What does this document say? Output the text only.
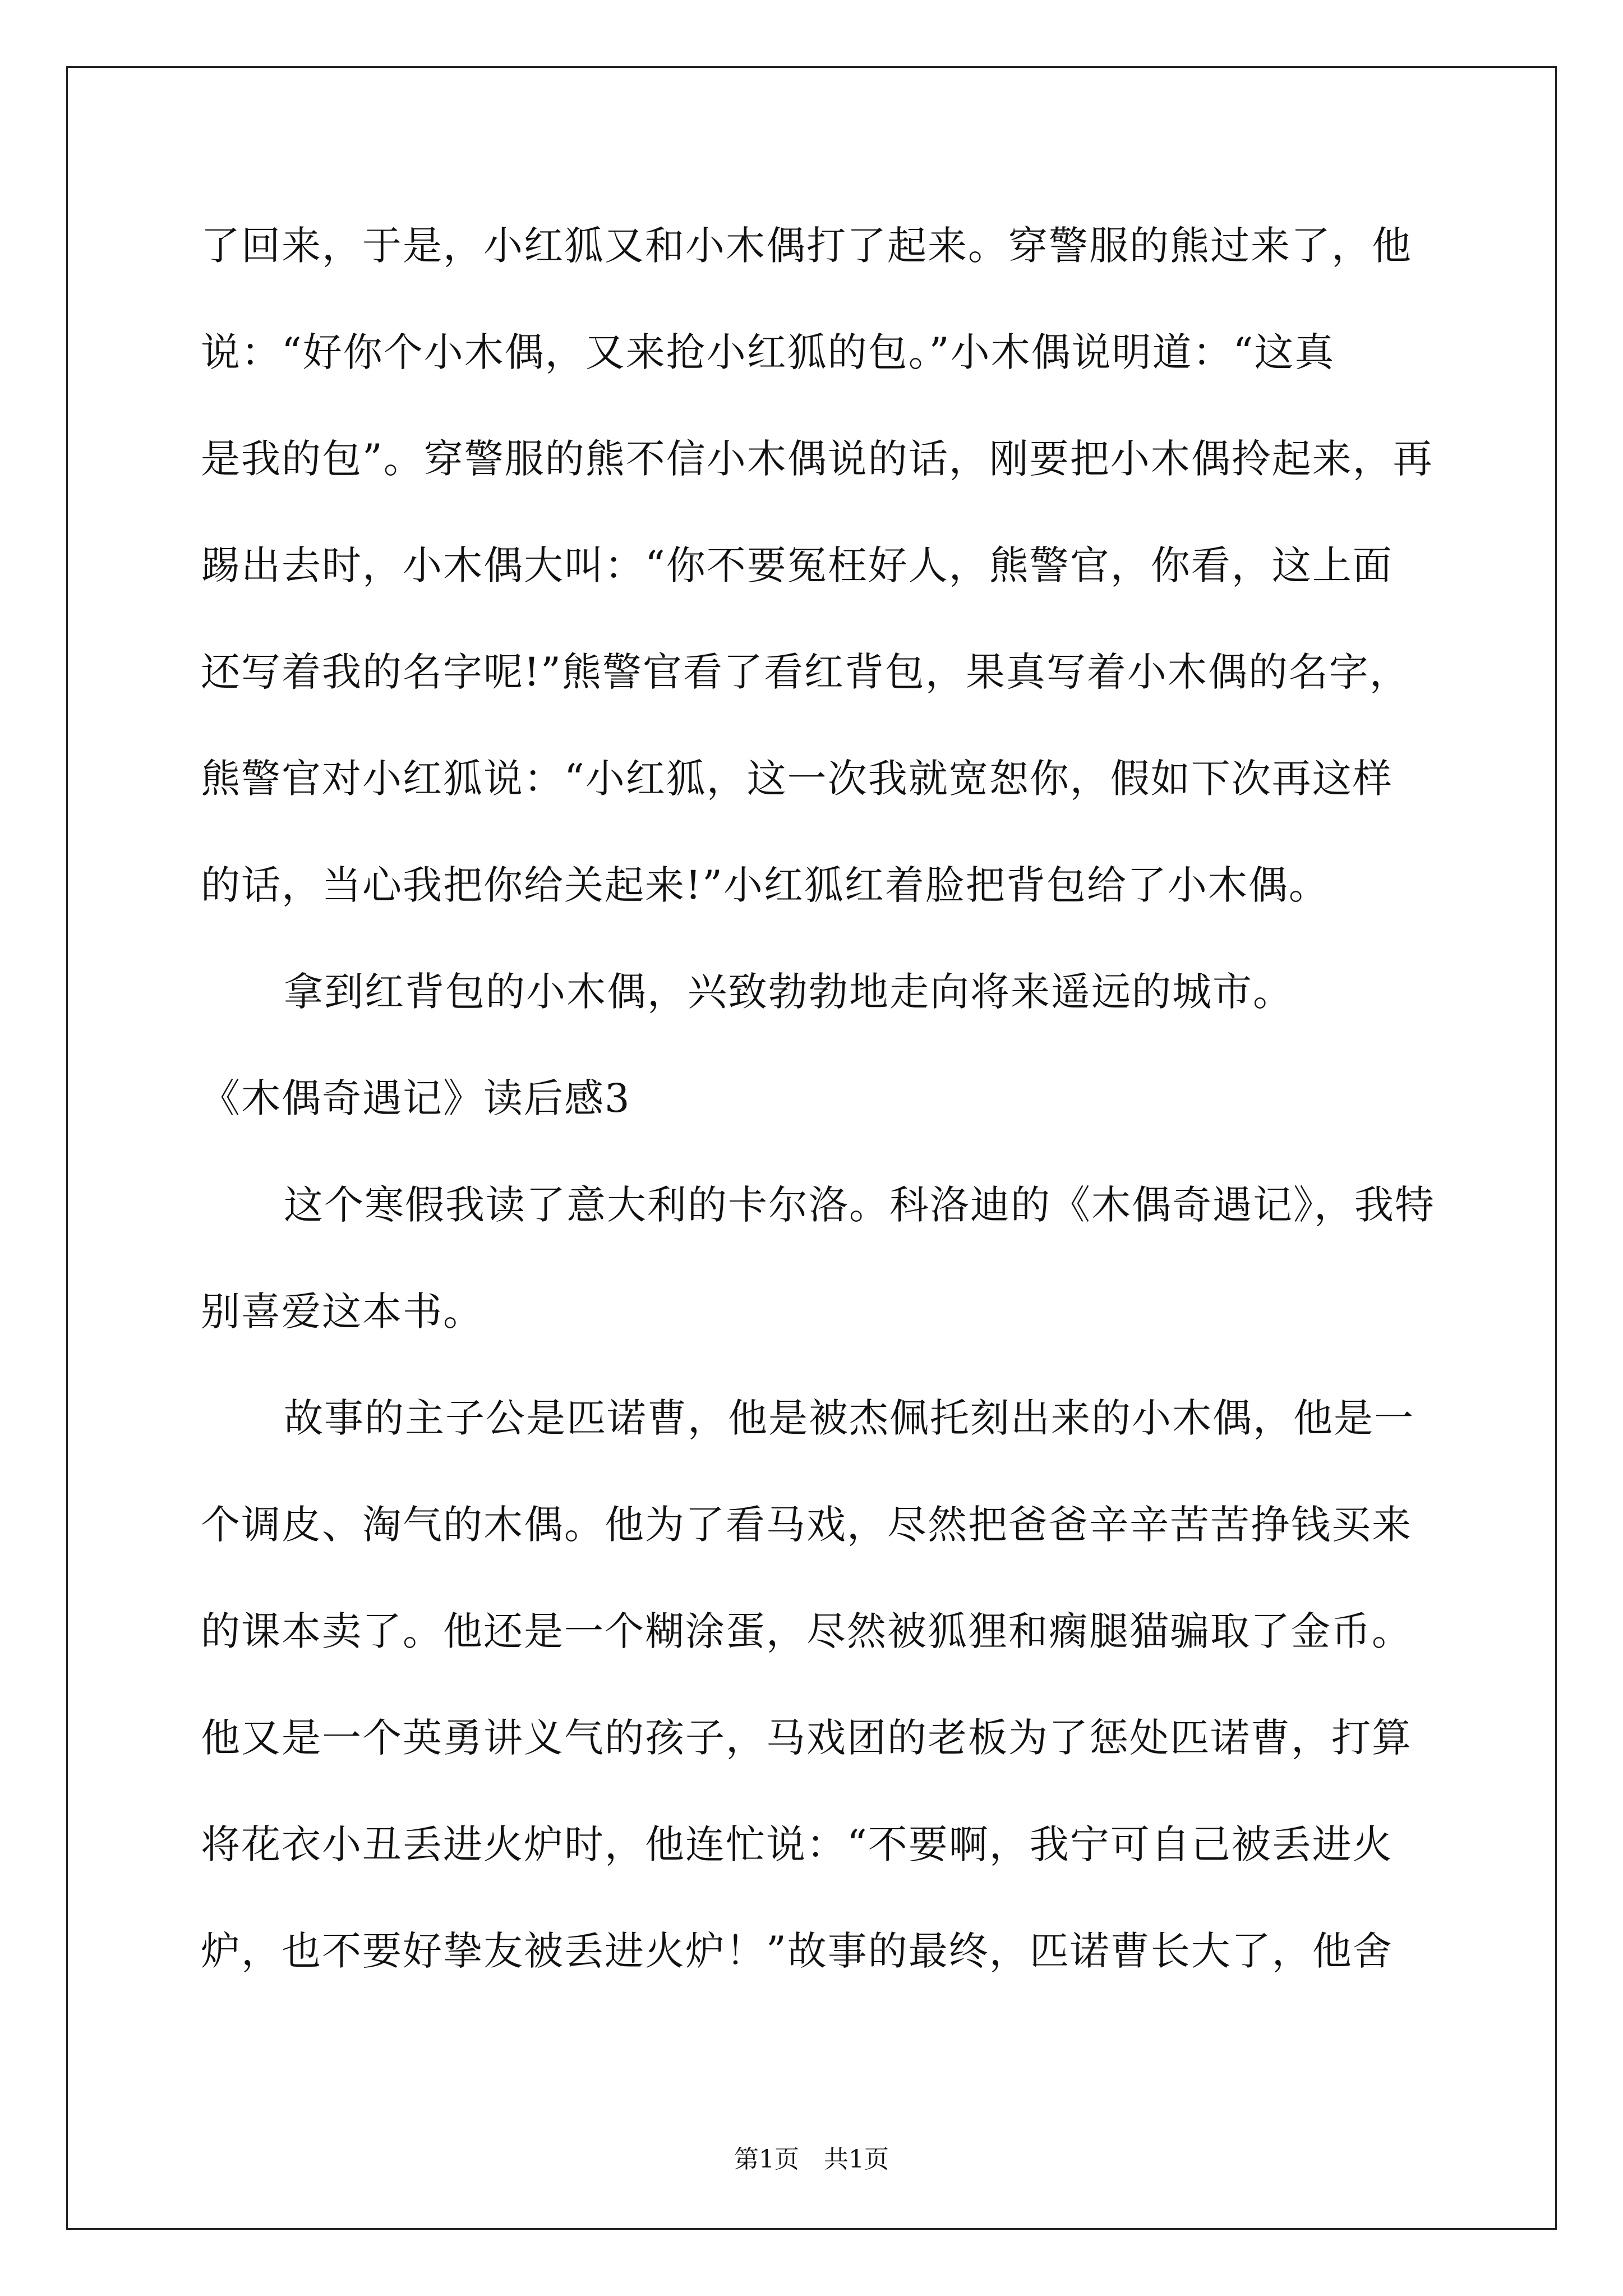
了回来，于是，小红狐又和小木偶打了起来。穿警服的熊过来了，他
说：“好你个小木偶，又来抢小红狐的包。”小木偶说明道：“这真
是我的包”。穿警服的熊不信小木偶说的话，刚要把小木偶拎起来，再
踢出去时，小木偶大叫：“你不要冤枉好人，熊警官，你看，这上面
还写着我的名字呢!”熊警官看了看红背包，果真写着小木偶的名字，
熊警官对小红狐说：“小红狐，这一次我就宽恕你，假如下次再这样
的话，当心我把你给关起来!”小红狐红着脸把背包给了小木偶。
拿到红背包的小木偶，兴致勃勃地走向将来遥远的城市。
《木偶奇遇记》读后感3
这个寒假我读了意大利的卡尔洛。科洛迪的《木偶奇遇记》，我特
别喜爱这本书。
故事的主子公是匹诺曹，他是被杰佩托刻出来的小木偶，他是一
个调皮、淘气的木偶。他为了看马戏，尽然把爸爸辛辛苦苦挣钱买来
的课本卖了。他还是一个糊涂蛋，尽然被狐狸和瘸腿猫骗取了金币。
他又是一个英勇讲义气的孩子，马戏团的老板为了惩处匹诺曹，打算
将花衣小丑丢进火炉时，他连忙说：“不要啊，我宁可自己被丢进火
炉，也不要好挚友被丢进火炉！”故事的最终，匹诺曹长大了，他舍
第1页　共1页
